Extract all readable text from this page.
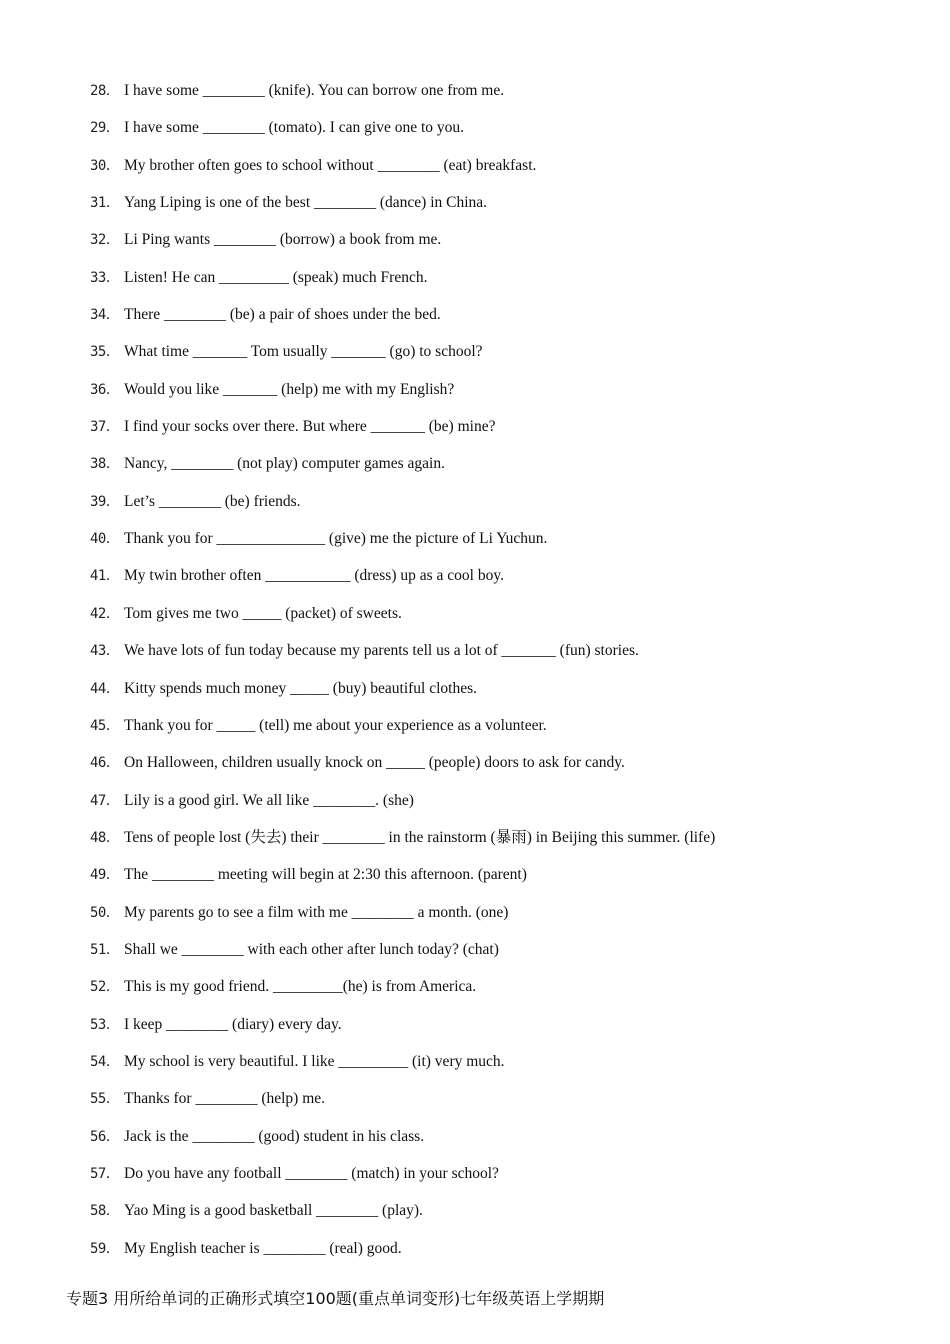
28． I have some ________ (knife). You can borrow one from me.
29． I have some ________ (tomato). I can give one to you.
30． My brother often goes to school without ________ (eat) breakfast.
31． Yang Liping is one of the best ________ (dance) in China.
32． Li Ping wants ________ (borrow) a book from me.
33． Listen! He can _________ (speak) much French.
34． There ________ (be) a pair of shoes under the bed.
35． What time _______ Tom usually _______ (go) to school?
36． Would you like _______ (help) me with my English?
37． I find your socks over there. But where _______ (be) mine?
38． Nancy, ________ (not play) computer games again.
39． Let’s ________ (be) friends.
40． Thank you for ______________ (give) me the picture of Li Yuchun.
41． My twin brother often ___________ (dress) up as a cool boy.
42． Tom gives me two _____ (packet) of sweets.
43． We have lots of fun today because my parents tell us a lot of _______ (fun) stories.
44． Kitty spends much money _____ (buy) beautiful clothes.
45． Thank you for _____ (tell) me about your experience as a volunteer.
46． On Halloween, children usually knock on _____ (people) doors to ask for candy.
47． Lily is a good girl. We all like ________. (she)
48． Tens of people lost (失去) their ________ in the rainstorm (暴雨) in Beijing this summer. (life)
49． The ________ meeting will begin at 2:30 this afternoon. (parent)
50． My parents go to see a film with me ________ a month. (one)
51． Shall we ________ with each other after lunch today? (chat)
52． This is my good friend. _________(he) is from America.
53． I keep ________ (diary) every day.
54． My school is very beautiful. I like _________ (it) very much.
55． Thanks for ________ (help) me.
56． Jack is the ________ (good) student in his class.
57． Do you have any football ________ (match) in your school?
58． Yao Ming is a good basketball ________ (play).
59． My English teacher is ________ (real) good.
专题3 用所给单词的正确形式填空100题(重点单词变形)七年级英语上学期期
